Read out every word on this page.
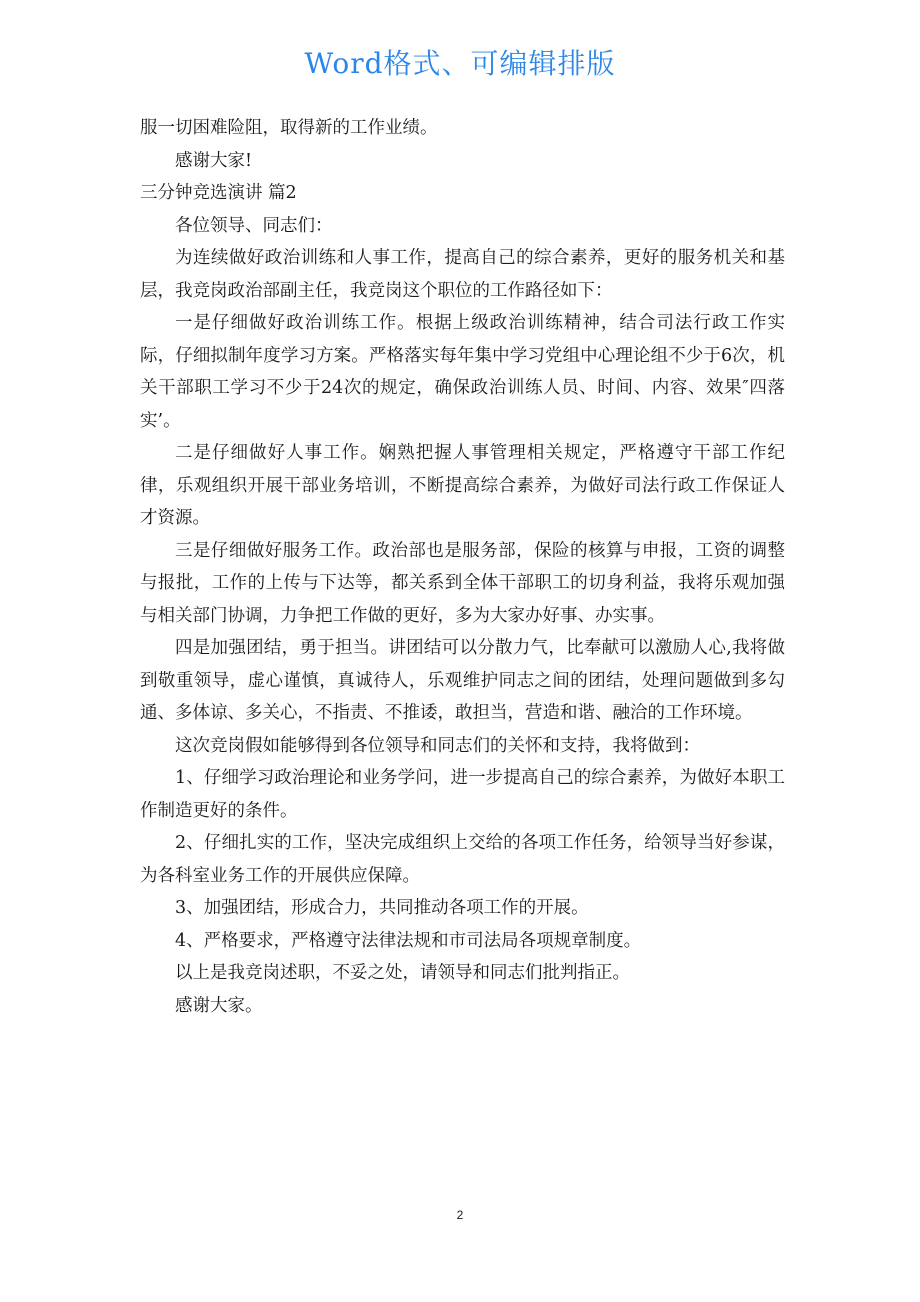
Word格式、可编辑排版

服一切困难险阻，取得新的工作业绩。

感谢大家!

三分钟竞选演讲 篇2

各位领导、同志们：

为连续做好政治训练和人事工作，提高自己的综合素养，更好的服务机关和基层，我竞岗政治部副主任，我竞岗这个职位的工作路径如下：

一是仔细做好政治训练工作。根据上级政治训练精神，结合司法行政工作实际，仔细拟制年度学习方案。严格落实每年集中学习党组中心理论组不少于6次，机关干部职工学习不少于24次的规定，确保政治训练人员、时间、内容、效果″四落实’。

二是仔细做好人事工作。娴熟把握人事管理相关规定，严格遵守干部工作纪律，乐观组织开展干部业务培训，不断提高综合素养，为做好司法行政工作保证人才资源。

三是仔细做好服务工作。政治部也是服务部，保险的核算与申报，工资的调整与报批，工作的上传与下达等，都关系到全体干部职工的切身利益，我将乐观加强与相关部门协调，力争把工作做的更好，多为大家办好事、办实事。

四是加强团结，勇于担当。讲团结可以分散力气，比奉献可以激励人心,我将做到敬重领导，虚心谨慎，真诚待人，乐观维护同志之间的团结，处理问题做到多勾通、多体谅、多关心，不指责、不推诿，敢担当，营造和谐、融洽的工作环境。

这次竞岗假如能够得到各位领导和同志们的关怀和支持，我将做到：

1、仔细学习政治理论和业务学问，进一步提高自己的综合素养，为做好本职工作制造更好的条件。

2、仔细扎实的工作，坚决完成组织上交给的各项工作任务，给领导当好参谋，为各科室业务工作的开展供应保障。

3、加强团结，形成合力，共同推动各项工作的开展。

4、严格要求，严格遵守法律法规和市司法局各项规章制度。

以上是我竞岗述职，不妥之处，请领导和同志们批判指正。

感谢大家。

2
